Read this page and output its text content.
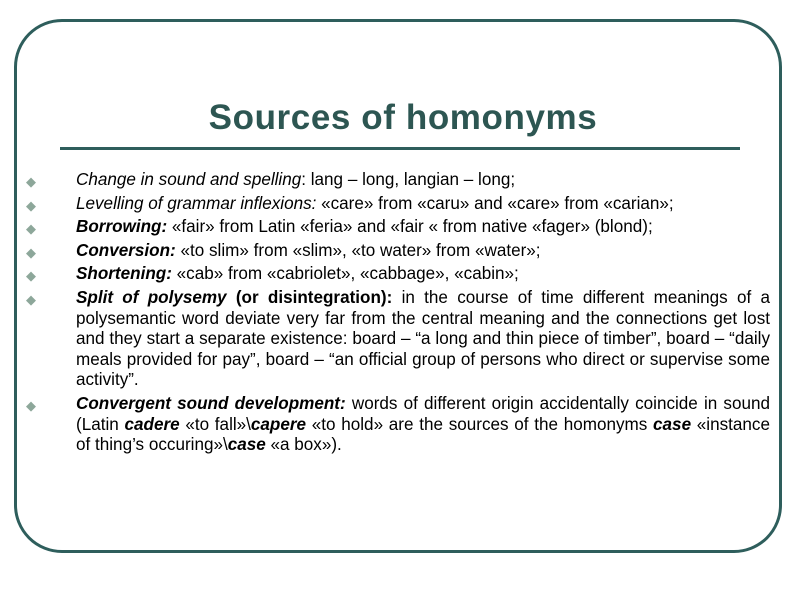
Sources of homonyms
◆ Change in sound and spelling: lang – long, langian – long;
◆ Levelling of grammar inflexions: «care» from «caru» and «care» from «carian»;
◆ Borrowing: «fair» from Latin «feria» and «fair « from native «fager» (blond);
◆ Conversion: «to slim» from «slim», «to water» from «water»;
◆ Shortening: «cab» from «cabriolet», «cabbage», «cabin»;
◆ Split of polysemy (or disintegration): in the course of time different meanings of a polysemantic word deviate very far from the central meaning and the connections get lost and they start a separate existence: board – “a long and thin piece of timber”, board – “daily meals provided for pay”, board – “an official group of persons who direct or supervise some activity”.
◆ Convergent sound development: words of different origin accidentally coincide in sound (Latin cadere «to fall»\capere «to hold» are the sources of the homonyms case «instance of thing’s occuring»\case «a box»).
